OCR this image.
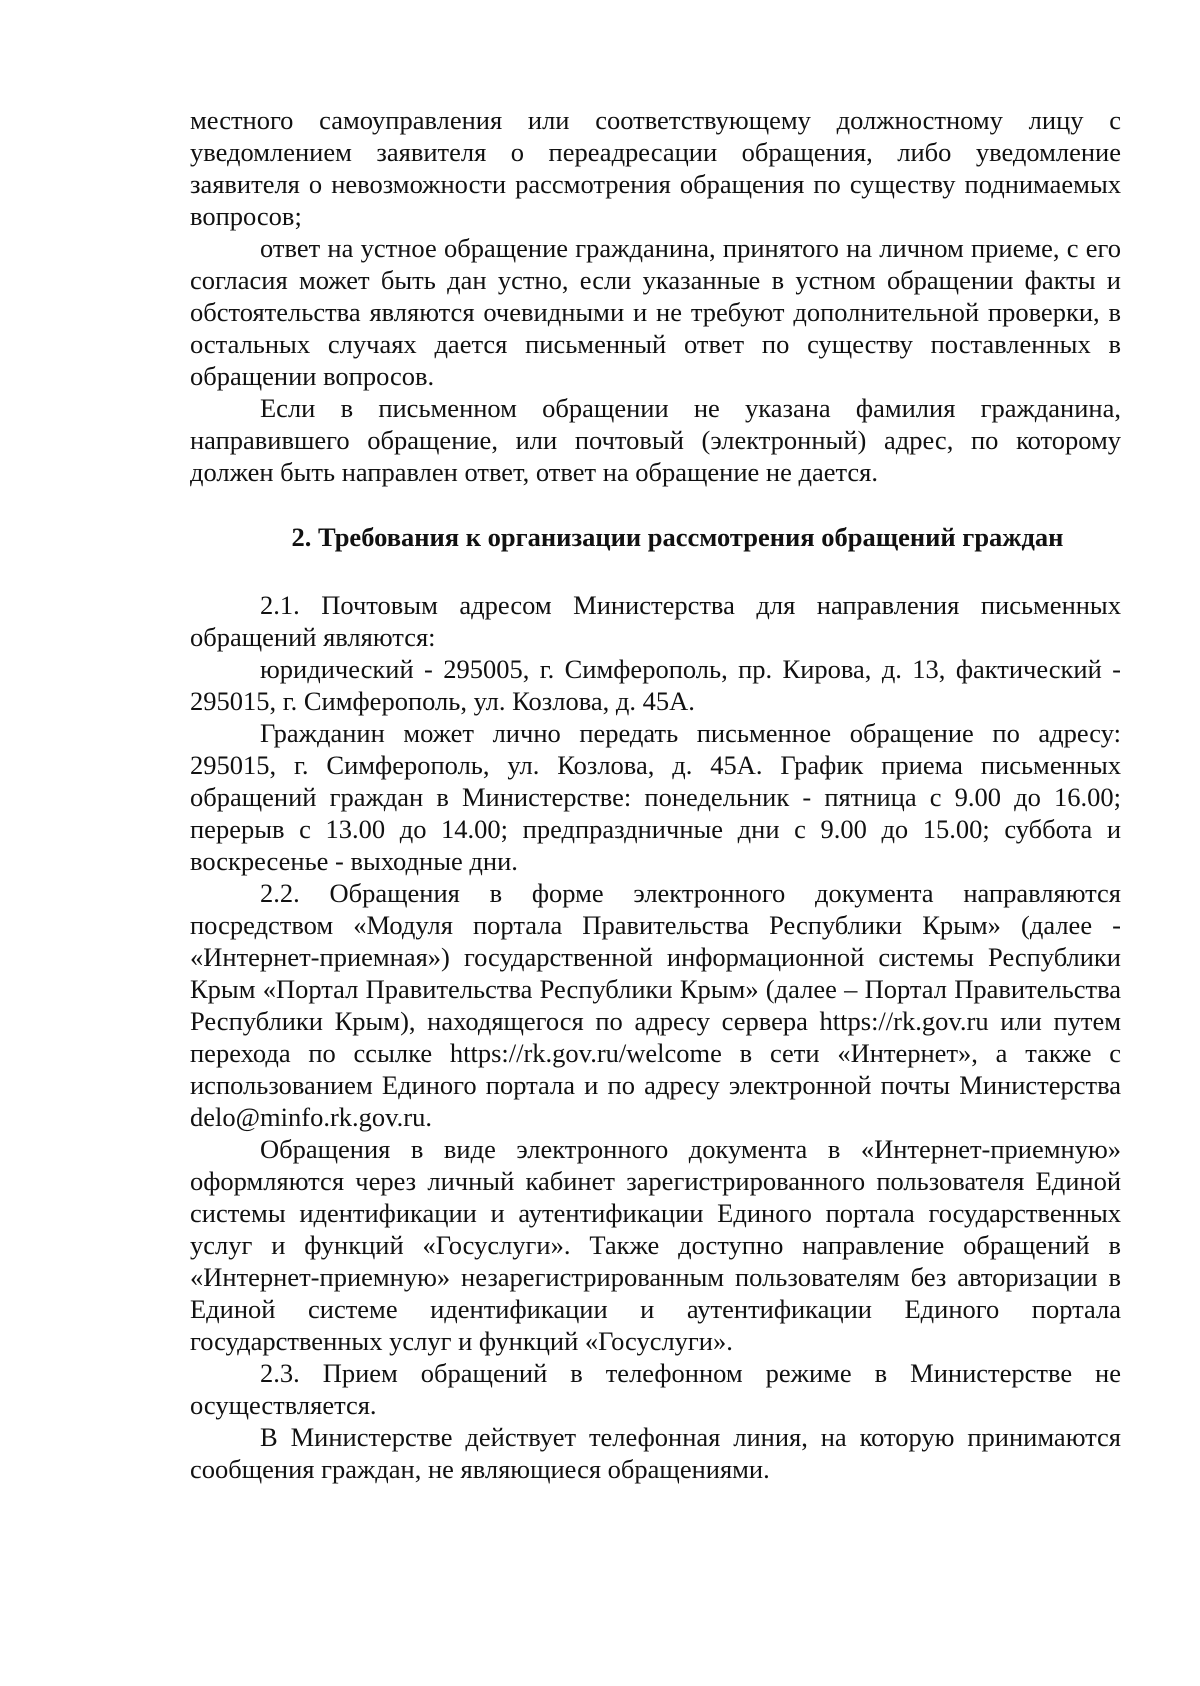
местного самоуправления или соответствующему должностному лицу с уведомлением заявителя о переадресации обращения, либо уведомление заявителя о невозможности рассмотрения обращения по существу поднимаемых вопросов;

ответ на устное обращение гражданина, принятого на личном приеме, с его согласия может быть дан устно, если указанные в устном обращении факты и обстоятельства являются очевидными и не требуют дополнительной проверки, в остальных случаях дается письменный ответ по существу поставленных в обращении вопросов.

Если в письменном обращении не указана фамилия гражданина, направившего обращение, или почтовый (электронный) адрес, по которому должен быть направлен ответ, ответ на обращение не дается.

2. Требования к организации рассмотрения обращений граждан

2.1. Почтовым адресом Министерства для направления письменных обращений являются:

юридический - 295005, г. Симферополь, пр. Кирова, д. 13, фактический - 295015, г. Симферополь, ул. Козлова, д. 45А.

Гражданин может лично передать письменное обращение по адресу: 295015, г. Симферополь, ул. Козлова, д. 45А. График приема письменных обращений граждан в Министерстве: понедельник - пятница с 9.00 до 16.00; перерыв с 13.00 до 14.00; предпраздничные дни с 9.00 до 15.00; суббота и воскресенье - выходные дни.

2.2. Обращения в форме электронного документа направляются посредством «Модуля портала Правительства Республики Крым» (далее - «Интернет-приемная») государственной информационной системы Республики Крым «Портал Правительства Республики Крым» (далее – Портал Правительства Республики Крым), находящегося по адресу сервера https://rk.gov.ru или путем перехода по ссылке https://rk.gov.ru/welcome в сети «Интернет», а также с использованием Единого портала и по адресу электронной почты Министерства delo@minfo.rk.gov.ru.

Обращения в виде электронного документа в «Интернет-приемную» оформляются через личный кабинет зарегистрированного пользователя Единой системы идентификации и аутентификации Единого портала государственных услуг и функций «Госуслуги». Также доступно направление обращений в «Интернет-приемную» незарегистрированным пользователям без авторизации в Единой системе идентификации и аутентификации Единого портала государственных услуг и функций «Госуслуги».

2.3. Прием обращений в телефонном режиме в Министерстве не осуществляется.

В Министерстве действует телефонная линия, на которую принимаются сообщения граждан, не являющиеся обращениями.
